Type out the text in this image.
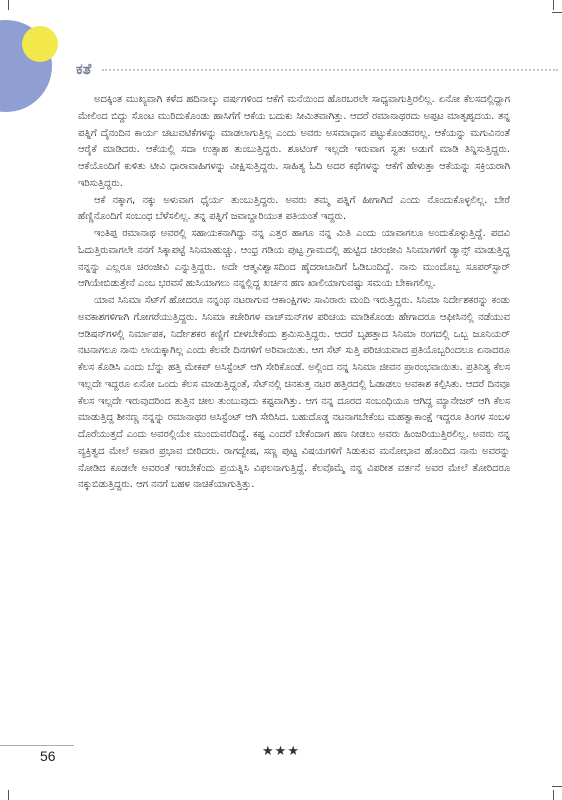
ಕತೆ

ಅದಕ್ಕಿಂತ ಮುಖ್ಯವಾಗಿ ಕಳೆದ ಹದಿನಾಲ್ಕು ವರ್ಷಗಳಿಂದ ಆಕೆಗೆ ಮನೆಯಿಂದ ಹೊರಬರಲೇ ಸಾಧ್ಯವಾಗುತ್ತಿರಲಿಲ್ಲ. ಏನೋ ಕೆಲಸದಲ್ಲಿದ್ದಾಗ ಮೇಲಿಂದ ಬಿದ್ದು ಸೊಂಟ ಮುರಿದುಕೊಂಡು ಹಾಸಿಗೆಗೆ ಆಕೆಯ ಬದುಕು ಸೀಮಿತವಾಗಿತ್ತು. ಆದರೆ ರಮಾನಾಥರದು ಅಪ್ಪಟ ಮಾತೃಹೃದಯ. ತನ್ನ ಪತ್ನಿಗೆ ದೈನಂದಿನ ಕಾರ್ಯ ಚಟುವಟಿಕೆಗಳನ್ನು ಮಾಡಲಾಗುತ್ತಿಲ್ಲ ಎಂದು ಅವರು ಅಸಮಾಧಾನ ಪಟ್ಟುಕೊಂಡವರಲ್ಲ. ಆಕೆಯನ್ನು ಮಗುವಿನಂತೆ ಆರೈಕೆ ಮಾಡಿದರು. ಆಕೆಯಲ್ಲಿ ಸದಾ ಉತ್ಸಾಹ ತುಂಬುತ್ತಿದ್ದರು. ಶೂಟಿಂಗ್ ಇಲ್ಲದೇ ಇರುವಾಗ ಸ್ವತಃ ಅಡುಗೆ ಮಾಡಿ ತಿನ್ನಿಸುತ್ತಿದ್ದರು. ಆಕೆಯೊಂದಿಗೆ ಕುಳಿತು ಟೀವಿ ಧಾರಾವಾಹಿಗಳನ್ನು ವೀಕ್ಷಿಸುತ್ತಿದ್ದರು. ಸಾಹಿತ್ಯ ಓದಿ ಅದರ ಕಥೆಗಳನ್ನು ಆಕೆಗೆ ಹೇಳುತ್ತಾ ಆಕೆಯನ್ನು ಸಕ್ರಿಯರಾಗಿ ಇರಿಸುತ್ತಿದ್ದರು.

ಆಕೆ ನಕ್ಕಾಗ, ನಕ್ಕು ಅಳುವಾಗ ಧೈರ್ಯ ತುಂಬುತ್ತಿದ್ದರು. ಅವರು ತಮ್ಮ ಪತ್ನಿಗೆ ಹೀಗಾಗಿದೆ ಎಂದು ನೊಂದುಕೊಳ್ಳಲಿಲ್ಲ. ಬೇರೆ ಹೆಣ್ಣಿನೊಂದಿಗೆ ಸಂಬಂಧ ಬೆಳೆಸಲಿಲ್ಲ. ತನ್ನ ಪತ್ನಿಗೆ ಜವಾಬ್ದಾರಿಯುತ ಪತಿಯಂತೆ ಇದ್ದರು.

ಇಂತಿಪ್ಪ ರಮಾನಾಥ ಅವರಲ್ಲಿ ಸಹಾಯಕನಾಗಿದ್ದು ನನ್ನ ಎತ್ತರ ಹಾಗೂ ನನ್ನ ಮಿತಿ ಎಂದು ಯಾವಾಗಲೂ ಅಂದುಕೊಳ್ಳುತ್ತಿದ್ದೆ. ಪದವಿ ಓದುತ್ತಿರುವಾಗಲೇ ನನಗೆ ಸಿಕ್ಕಾಪಟ್ಟೆ ಸಿನಿಮಾಹುಚ್ಚು. ಆಂಧ್ರ ಗಡಿಯ ಪುಟ್ಟ ಗ್ರಾಮದಲ್ಲಿ ಹುಟ್ಟಿದ ಚಿರಂಜೀವಿ ಸಿನಿಮಾಗಳಿಗೆ ಡ್ಯಾನ್ಸ್ ಮಾಡುತ್ತಿದ್ದ ನನ್ನನ್ನು ಎಲ್ಲರೂ ಚಿರಂಜೀವಿ ಎನ್ನುತ್ತಿದ್ದರು. ಅದೇ ಆತ್ಮವಿಶ್ವಾಸದಿಂದ ಹೈದರಾಬಾದಿಗೆ ಓಡಿಬಂದಿದ್ದೆ. ನಾನು ಮುಂದೊಬ್ಬ ಸೂಪರ್‌ಸ್ಟಾರ್ ಆಗಿಯೇಬಿಡುತ್ತೇನೆ ಎಂಬ ಭರವಸೆ ಹುಸಿಯಾಗಲು ನನ್ನಲ್ಲಿದ್ದ ಖರ್ಚಿನ ಹಣ ಖಾಲಿಯಾಗುವಷ್ಟು ಸಮಯ ಬೇಕಾಗಲಿಲ್ಲ.

ಯಾವ ಸಿನಿಮಾ ಸೆಟ್‌ಗೆ ಹೋದರೂ ನನ್ನಂಥ ನಟರಾಗುವ ಆಕಾಂಕ್ಷಿಗಳು ಸಾವಿರಾರು ಮಂದಿ ಇರುತ್ತಿದ್ದರು. ಸಿನಿಮಾ ನಿರ್ದೇಶಕರನ್ನು ಕಂಡು ಅವಕಾಶಗಳಿಗಾಗಿ ಗೋಗರೆಯುತ್ತಿದ್ದರು. ಸಿನಿಮಾ ಕಚೇರಿಗಳ ವಾಚ್‌ಮನ್‌ಗಳ ಪರಿಚಯ ಮಾಡಿಕೊಂಡು ಹೇಗಾದರೂ ಆಫೀಸಿನಲ್ಲಿ ನಡೆಯುವ ಆಡಿಷನ್‌ಗಳಲ್ಲಿ ನಿರ್ಮಾಪಕ, ನಿರ್ದೇಶಕರ ಕಣ್ಣಿಗೆ ಬೀಳಬೇಕೆಂದು ಶ್ರಮಿಸುತ್ತಿದ್ದರು. ಆದರೆ ಬೃಹತ್ತಾದ ಸಿನಿಮಾ ರಂಗದಲ್ಲಿ ಒಬ್ಬ ಜೂನಿಯರ್ ನಟನಾಗಲೂ ನಾನು ಲಾಯಕ್ಕಾಗಿಲ್ಲ ಎಂದು ಕೆಲವೇ ದಿನಗಳಿಗೆ ಅರಿವಾಯಿತು. ಆಗ ಸೆಟ್ ಸುತ್ತಿ ಪರಿಚಯವಾದ ಪ್ರತಿಯೊಬ್ಬರಿಂದಲೂ ಏನಾದರೂ ಕೆಲಸ ಕೊಡಿಸಿ ಎಂದು ಬೆನ್ನು ಹತ್ತಿ ಮೇಕಪ್ ಅಸಿಸ್ಟೆಂಟ್ ಆಗಿ ಸೇರಿಕೊಂಡೆ. ಅಲ್ಲಿಂದ ನನ್ನ ಸಿನಿಮಾ ಜೀವನ ಪ್ರಾರಂಭವಾಯಿತು. ಪ್ರತಿನಿತ್ಯ ಕೆಲಸ ಇಲ್ಲದೇ ಇದ್ದರೂ ಏನೋ ಒಂದು ಕೆಲಸ ಮಾಡುತ್ತಿದ್ದಂತೆ, ಸೆಟ್‌ನಲ್ಲಿ ಚಿನಕುತ್ತ ನಟರ ಹತ್ತಿರದಲ್ಲಿ ಓಡಾಡಲು ಅವಕಾಶ ಕಲ್ಪಿಸಿತು. ಆದರೆ ದಿನವೂ ಕೆಲಸ ಇಲ್ಲದೇ ಇರುವುದರಿಂದ ತುತ್ತಿನ ಚೀಲ ತುಂಬುವುದು ಕಷ್ಟವಾಗಿತ್ತು. ಆಗ ನನ್ನ ದೂರದ ಸಂಬಂಧಿಯೂ ಆಗಿದ್ದ ಮ್ಯಾನೇಜರ್ ಆಗಿ ಕೆಲಸ ಮಾಡುತ್ತಿದ್ದ ಶೀನಣ್ಣ ನನ್ನನ್ನು ರಮಾನಾಥರ ಅಸಿಸ್ಟೆಂಟ್ ಆಗಿ ಸೇರಿಸಿದ. ಬಹುದೊಡ್ಡ ನಟನಾಗಬೇಕೆಂಬ ಮಹತ್ವಾಕಾಂಕ್ಷೆ ಇದ್ದರೂ ತಿಂಗಳ ಸಂಬಳ ದೊರೆಯುತ್ತದೆ ಎಂದು ಅವರಲ್ಲಿಯೇ ಮುಂದುವರೆದಿದ್ದೆ. ಕಷ್ಟ ಎಂದರೆ ಬೇಕೆಂದಾಗ ಹಣ ನೀಡಲು ಅವರು ಹಿಂಜರಿಯುತ್ತಿರಲಿಲ್ಲ. ಅವರು ನನ್ನ ವ್ಯಕ್ತಿತ್ವದ ಮೇಲೆ ಅಪಾರ ಪ್ರಭಾವ ಬೀರಿದರು. ರಾಗದ್ವೇಷ, ಸಣ್ಣ ಪುಟ್ಟ ವಿಷಯಗಳಿಗೆ ಸಿಡುಕುವ ಮನೋಭಾವ ಹೊಂದಿದ ನಾನು ಅವರನ್ನು ನೋಡಿದ ಕೂಡಲೇ ಅವರಂತೆ ಇರಬೇಕೆಂದು ಪ್ರಯತ್ನಿಸಿ ವಿಫಲನಾಗುತ್ತಿದ್ದೆ. ಕೆಲವೊಮ್ಮೆ ನನ್ನ ವಿಪರೀತ ವರ್ತನೆ ಅವರ ಮೇಲೆ ತೋರಿದರೂ ನಕ್ಕುಬಿಡುತ್ತಿದ್ದರು. ಆಗ ನನಗೆ ಬಹಳ ನಾಚಿಕೆಯಾಗುತ್ತಿತ್ತು.

56	★★★
